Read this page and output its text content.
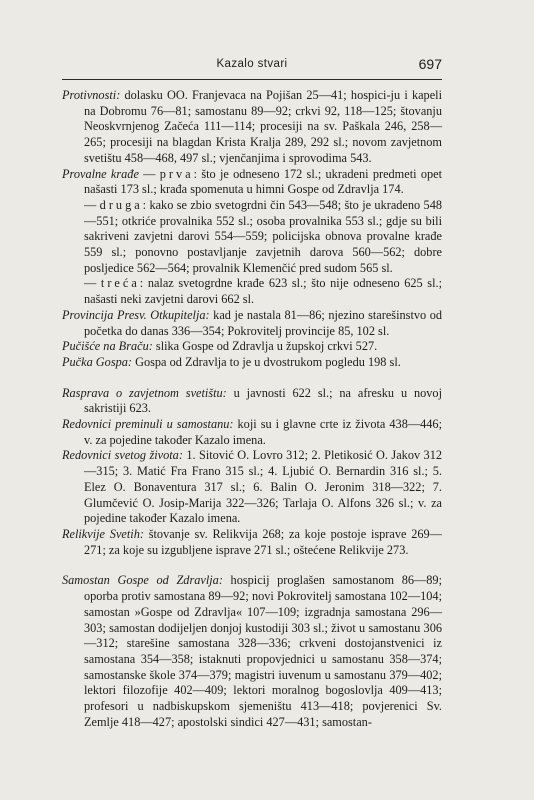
Kazalo stvari	697

Protivnosti: dolasku OO. Franjevaca na Pojišan 25—41; hospici-ju i kapeli na Dobromu 76—81; samostanu 89—92; crkvi 92, 118—125; štovanju Neoskvrnjenog Začeća 111—114; procesiji na sv. Paškala 246, 258—265; procesiji na blagdan Krista Kralja 289, 292 sl.; novom zavjetnom svetištu 458—468, 497 sl.; vjenčanjima i sprovodima 543.

Provalne krađe — prva: što je odneseno 172 sl.; ukradeni predmeti opet našasti 173 sl.; krađa spomenuta u himni Gospe od Zdravlja 174.

— druga: kako se zbio svetogrdni čin 543—548; što je ukradeno 548—551; otkriće provalnika 552 sl.; osoba provalnika 553 sl.; gdje su bili sakriveni zavjetni darovi 554—559; policijska obnova provalne krađe 559 sl.; ponovno postavljanje zavjetnih darova 560—562; dobre posljedice 562—564; provalnik Klemenčić pred sudom 565 sl.

— treća: nalaz svetogrdne krađe 623 sl.; što nije odneseno 625 sl.; našasti neki zavjetni darovi 662 sl.

Provincija Presv. Otkupitelja: kad je nastala 81—86; njezino starešinstvo od početka do danas 336—354; Pokrovitelj provincije 85, 102 sl.

Pučišće na Braču: slika Gospe od Zdravlja u župskoj crkvi 527.

Pučka Gospa: Gospa od Zdravlja to je u dvostrukom pogledu 198 sl.

Rasprava o zavjetnom svetištu: u javnosti 622 sl.; na afresku u novoj sakristiji 623.

Redovnici preminuli u samostanu: koji su i glavne crte iz života 438—446; v. za pojedine također Kazalo imena.

Redovnici svetog života: 1. Sitović O. Lovro 312; 2. Pletikosić O. Jakov 312—315; 3. Matić Fra Frano 315 sl.; 4. Ljubić O. Bernardin 316 sl.; 5. Elez O. Bonaventura 317 sl.; 6. Balin O. Jeronim 318—322; 7. Glumčević O. Josip-Marija 322—326; Tarlaja O. Alfons 326 sl.; v. za pojedine također Kazalo imena.

Relikvije Svetih: štovanje sv. Relikvija 268; za koje postoje isprave 269—271; za koje su izgubljene isprave 271 sl.; oštećene Relikvije 273.

Samostan Gospe od Zdravlja: hospicij proglašen samostanom 86—89; oporba protiv samostana 89—92; novi Pokrovitelj samostana 102—104; samostan »Gospe od Zdravlja« 107—109; izgradnja samostana 296—303; samostan dodijeljen donjoj kustodiji 303 sl.; život u samostanu 306—312; starešine samostana 328—336; crkveni dostojanstvenici iz samostana 354—358; istaknuti propovjednici u samostanu 358—374; samostanske škole 374—379; magistri iuvenum u samostanu 379—402; lektori filozofije 402—409; lektori moralnog bogoslovlja 409—413; profesori u nadbiskupskom sjemeništu 413—418; povjerenici Sv. Zemlje 418—427; apostolski sindici 427—431; samostan-
